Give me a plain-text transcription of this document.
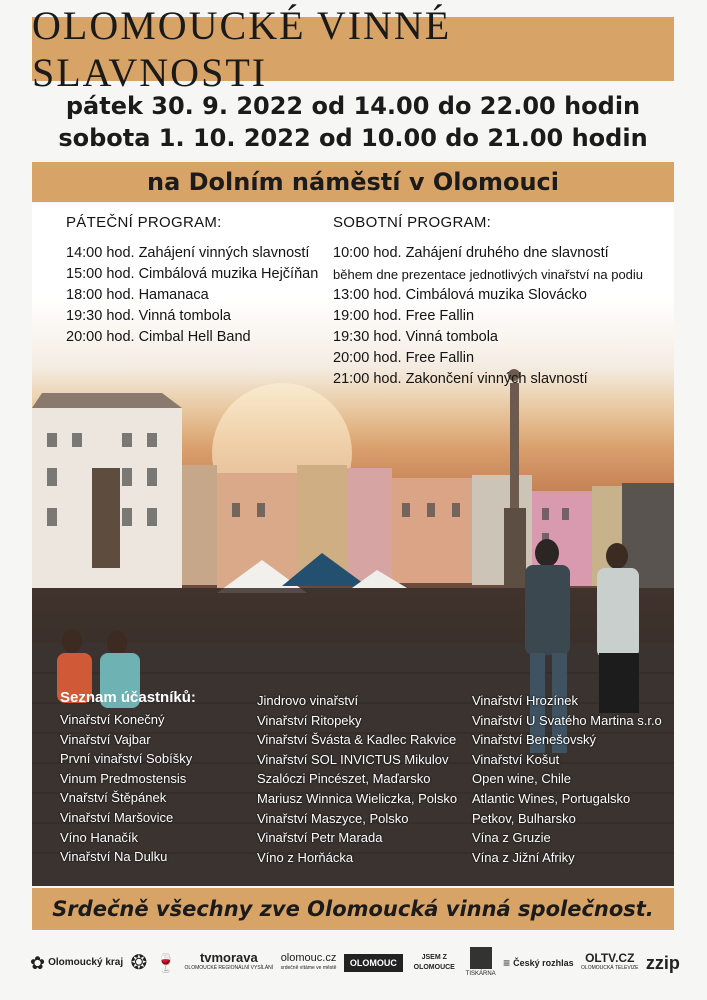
OLOMOUCKÉ VINNÉ SLAVNOSTI
pátek 30. 9. 2022 od 14.00 do 22.00 hodin
sobota 1. 10. 2022 od 10.00 do 21.00 hodin
na Dolním náměstí v Olomouci
PÁTEČNÍ PROGRAM:
14:00 hod. Zahájení vinných slavností
15:00 hod. Cimbálová muzika Hejčíňan
18:00 hod. Hamanaca
19:30 hod. Vinná tombola
20:00 hod. Cimbal Hell Band
SOBOTNÍ PROGRAM:
10:00 hod. Zahájení druhého dne slavností
během dne prezentace jednotlivých vinařství na podiu
13:00 hod. Cimbálová muzika Slovácko
19:00 hod. Free Fallin
19:30 hod. Vinná tombola
20:00 hod. Free Fallin
21:00 hod. Zakončení vinných slavností
Seznam účastníků:
Vinařství Konečný
Vinařství Vajbar
První vinařství Sobíšky
Vinum Predmostensis
Vnařství Štěpánek
Vinařství Maršovice
Víno Hanačík
Vinařství Na Dulku
Jindrovo vinařství
Vinařství Ritopeky
Vinařství Švásta & Kadlec Rakvice
Vinařství SOL INVICTUS Mikulov
Szalóczi Pincészet, Maďarsko
Mariusz Winnica Wieliczka, Polsko
Vinařství Maszyce, Polsko
Vinařství Petr Marada
Víno z Horňácka
Vinařství Hrozínek
Vinařství U Svatého Martina s.r.o
Vinařství Benešovský
Vinařství Košut
Open wine, Chile
Atlantic Wines, Portugalsko
Petkov, Bulharsko
Vína z Gruzie
Vína z Jižní Afriky
Srdečně všechny zve Olomoucká vinná společnost.
✿ Olomoucký kraj ❂ 🍷 tvmorava
OLOMOUCKÉ REGIONÁLNÍ VYSÍLÁNÍ
olomouc.cz
srdečně vítáme ve městě	OLOMOUC
JSEM Z OLOMOUCE
TISKÁRNA
≡ Český rozhlas OLTV.CZ
OLOMOUCKÁ TELEVIZE zzip
